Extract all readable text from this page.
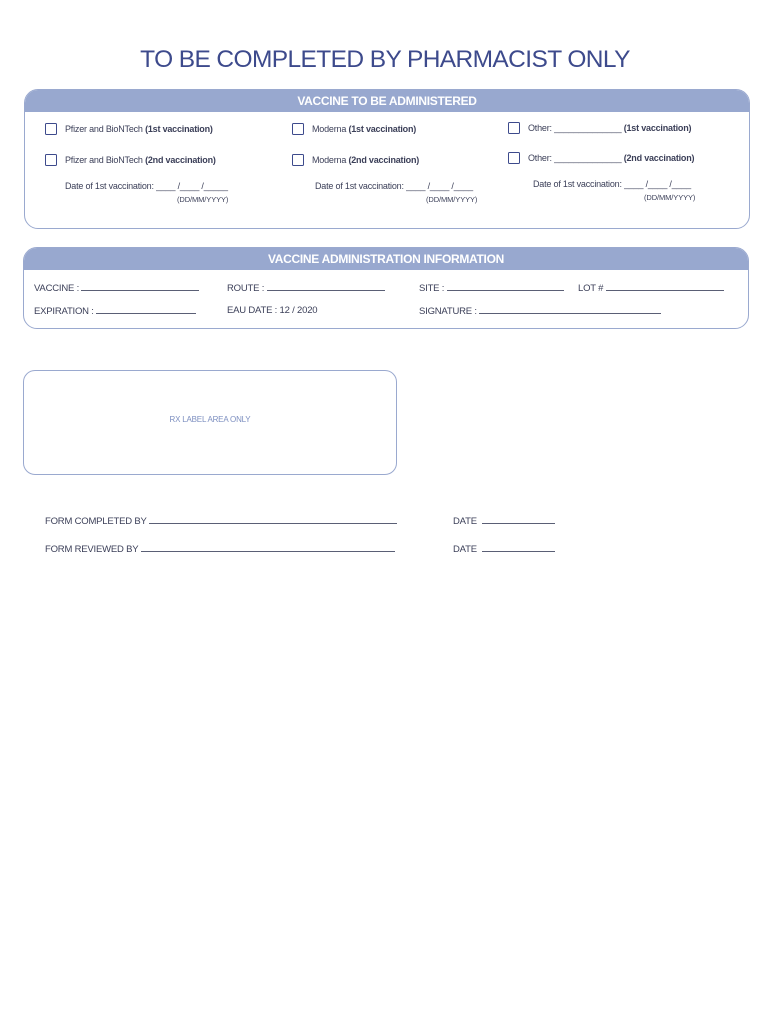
TO BE COMPLETED BY PHARMACIST ONLY
VACCINE TO BE ADMINISTERED
Pfizer and BioNTech (1st vaccination)
Pfizer and BioNTech (2nd vaccination)
Date of 1st vaccination: ____ /____ /_____
(DD/MM/YYYY)
Moderna (1st vaccination)
Moderna (2nd vaccination)
Date of 1st vaccination: ____ /____ /____
(DD/MM/YYYY)
Other: ______________ (1st vaccination)
Other: ______________ (2nd vaccination)
Date of 1st vaccination: ____ /____ /____
(DD/MM/YYYY)
VACCINE ADMINISTRATION INFORMATION
VACCINE :	ROUTE :	SITE :	LOT #
EXPIRATION :	EAU DATE : 12 / 2020	SIGNATURE :
RX LABEL AREA ONLY
FORM COMPLETED BY	DATE
FORM REVIEWED BY	DATE
